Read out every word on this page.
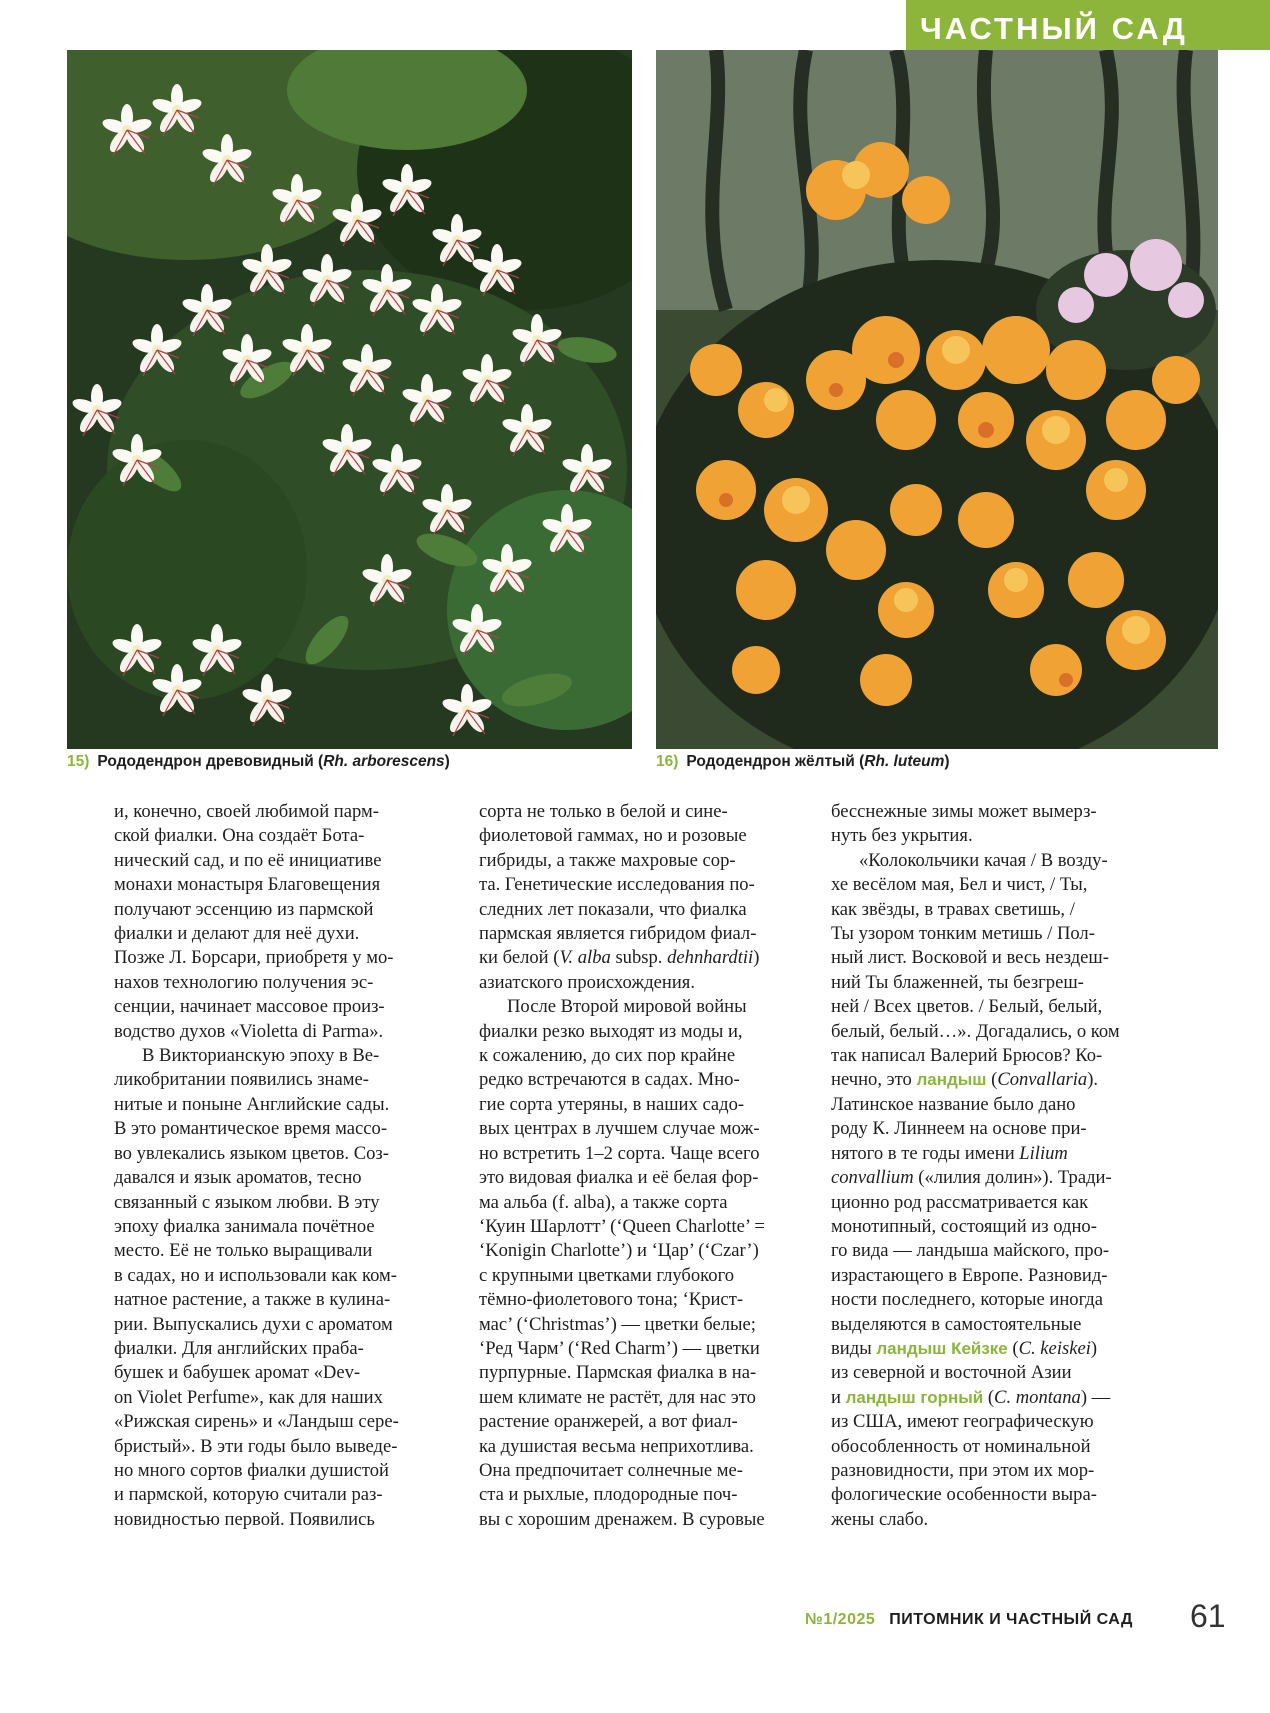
ЧАСТНЫЙ САД
15) Рододендрон древовидный (Rh. arborescens)	16) Рододендрон жёлтый (Rh. luteum)

и, конечно, своей любимой парм-

ской фиалки. Она создаёт Бота-

нический сад, и по её инициативе

монахи монастыря Благовещения

получают эссенцию из пармской

фиалки и делают для неё духи.

Позже Л. Борсари, приобретя у мо-

нахов технологию получения эс-

сенции, начинает массовое произ-

водство духов «Violetta di Parma».

В Викторианскую эпоху в Ве-

ликобритании появились знаме-

нитые и поныне Английские сады.

В это романтическое время массо-

во увлекались языком цветов. Соз-

давался и язык ароматов, тесно

связанный с языком любви. В эту

эпоху фиалка занимала почётное

место. Её не только выращивали

в садах, но и использовали как ком-

натное растение, а также в кулина-

рии. Выпускались духи с ароматом

фиалки. Для английских праба-

бушек и бабушек аромат «Dev-

on Violet Perfume», как для наших

«Рижская сирень» и «Ландыш сере-

бристый». В эти годы было выведе-

но много сортов фиалки душистой

и пармской, которую считали раз-

новидностью первой. Появились

сорта не только в белой и сине-

фиолетовой гаммах, но и розовые

гибриды, а также махровые сор-

та. Генетические исследования по-

следних лет показали, что фиалка

пармская является гибридом фиал-

ки белой (V. alba subsp. dehnhardtii)

азиатского происхождения.

После Второй мировой войны

фиалки резко выходят из моды и,

к сожалению, до сих пор крайне

редко встречаются в садах. Мно-

гие сорта утеряны, в наших садо-

вых центрах в лучшем случае мож-

но встретить 1–2 сорта. Чаще всего

это видовая фиалка и её белая фор-

ма альба (f. alba), а также сорта

‘Куин Шарлотт’ (‘Queen Charlotte’ =

‘Konigin Charlotte’) и ‘Цар’ (‘Czar’)

с крупными цветками глубокого

тёмно-фиолетового тона; ‘Крист-

мас’ (‘Christmas’) — цветки белые;

‘Ред Чарм’ (‘Red Charm’) — цветки

пурпурные. Пармская фиалка в на-

шем климате не растёт, для нас это

растение оранжерей, а вот фиал-

ка душистая весьма неприхотлива.

Она предпочитает солнечные ме-

ста и рыхлые, плодородные поч-

вы с хорошим дренажем. В суровые

бесснежные зимы может вымерз-

нуть без укрытия.

«Колокольчики качая / В возду-

хе весёлом мая, Бел и чист, / Ты,

как звёзды, в травах светишь, /

Ты узором тонким метишь / Пол-

ный лист. Восковой и весь нездеш-

ний Ты блаженней, ты безгреш-

ней / Всех цветов. / Белый, белый,

белый, белый…». Догадались, о ком

так написал Валерий Брюсов? Ко-

нечно, это ландыш (Convallaria).

Латинское название было дано

роду К. Линнеем на основе при-

нятого в те годы имени Lilium

convallium («лилия долин»). Тради-

ционно род рассматривается как

монотипный, состоящий из одно-

го вида — ландыша майского, про-

израстающего в Европе. Разновид-

ности последнего, которые иногда

выделяются в самостоятельные

виды ландыш Кейзке (C. keiskei)

из северной и восточной Азии

и ландыш горный (C. montana) —

из США, имеют географическую

обособленность от номинальной

разновидности, при этом их мор-

фологические особенности выра-

жены слабо.

№1/2025 ПИТОМНИК И ЧАСТНЫЙ САД 61
